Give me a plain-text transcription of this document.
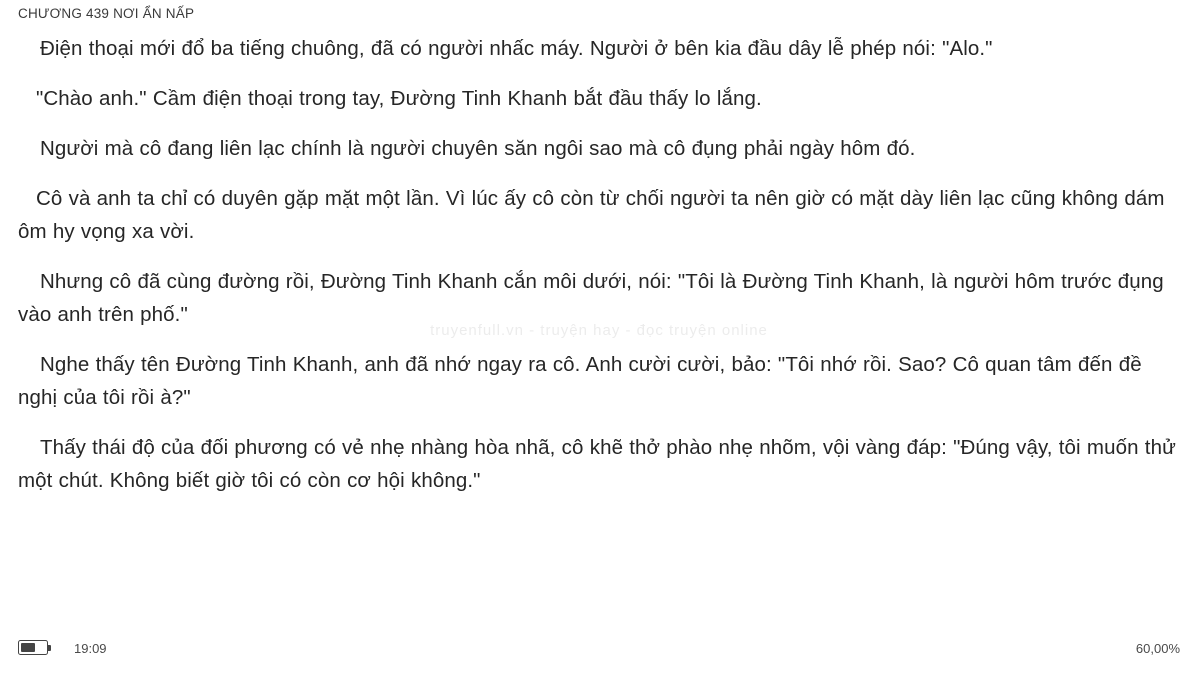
CHƯƠNG 439 NƠI ẨN NẤP

Điện thoại mới đổ ba tiếng chuông, đã có người nhấc máy. Người ở bên kia đầu dây lễ phép nói: "Alo."

"Chào anh." Cầm điện thoại trong tay, Đường Tinh Khanh bắt đầu thấy lo lắng.

Người mà cô đang liên lạc chính là người chuyên săn ngôi sao mà cô đụng phải ngày hôm đó.

Cô và anh ta chỉ có duyên gặp mặt một lần. Vì lúc ấy cô còn từ chối người ta nên giờ có mặt dày liên lạc cũng không dám ôm hy vọng xa vời.

Nhưng cô đã cùng đường rồi, Đường Tinh Khanh cắn môi dưới, nói: "Tôi là Đường Tinh Khanh, là người hôm trước đụng vào anh trên phố."

Nghe thấy tên Đường Tinh Khanh, anh đã nhớ ngay ra cô. Anh cười cười, bảo: "Tôi nhớ rồi. Sao? Cô quan tâm đến đề nghị của tôi rồi à?"

Thấy thái độ của đối phương có vẻ nhẹ nhàng hòa nhã, cô khẽ thở phào nhẹ nhõm, vội vàng đáp: "Đúng vậy, tôi muốn thử một chút. Không biết giờ tôi có còn cơ hội không."

truyenfull.vn - truyện hay - đọc truyện online
19:09	60,00%
